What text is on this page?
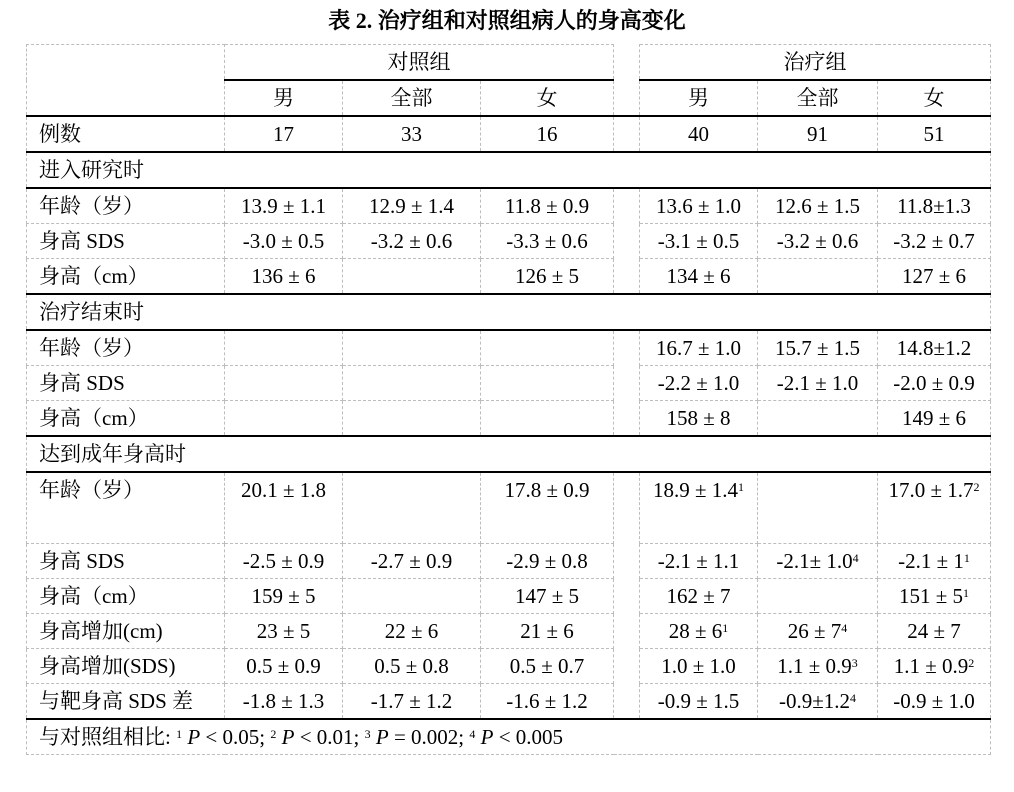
表 2. 治疗组和对照组病人的身高变化
	对照组				治疗组		
	男	全部	女		男	全部	女
例数	17	33	16		40	91	51
进入研究时							
年龄（岁）	13.9 ± 1.1	12.9 ± 1.4	11.8 ± 0.9		13.6 ± 1.0	12.6 ± 1.5	11.8±1.3
身高 SDS	-3.0 ± 0.5	-3.2 ± 0.6	-3.3 ± 0.6		-3.1 ± 0.5	-3.2 ± 0.6	-3.2 ± 0.7
身高（cm）	136 ± 6		126 ± 5		134 ± 6		127 ± 6
治疗结束时							
年龄（岁）					16.7 ± 1.0	15.7 ± 1.5	14.8±1.2
身高 SDS					-2.2 ± 1.0	-2.1 ± 1.0	-2.0 ± 0.9
身高（cm）					158 ± 8		149 ± 6
达到成年身高时							
年龄（岁）	20.1 ± 1.8		17.8 ± 0.9		$18.9 \pm 1.4^1$		$17.0 \pm 1.7^2$
身高 SDS	-2.5 ± 0.9	-2.7 ± 0.9	-2.9 ± 0.8		-2.1 ± 1.1	$-2.1\pm 1.0^4$	$-2.1 \pm 1^1$
身高（cm）	159 ± 5		147 ± 5		162 ± 7		$151 \pm 5^1$
身高增加(cm)	23 ± 5	22 ± 6	21 ± 6		$28 \pm 6^1$	$26 \pm 7^4$	24 ± 7
身高增加(SDS)	0.5 ± 0.9	0.5 ± 0.8	0.5 ± 0.7		1.0 ± 1.0	$1.1 \pm 0.9^3$	$1.1 \pm 0.9^2$
与靶身高 SDS 差	-1.8 ± 1.3	-1.7 ± 1.2	-1.6 ± 1.2		-0.9 ± 1.5	$-0.9\pm 1.2^4$	-0.9 ± 1.0
与对照组相比: $^1$ P < 0.05; $^2$ P < 0.01; $^3$ P = 0.002; $^4$ P < 0.005							
